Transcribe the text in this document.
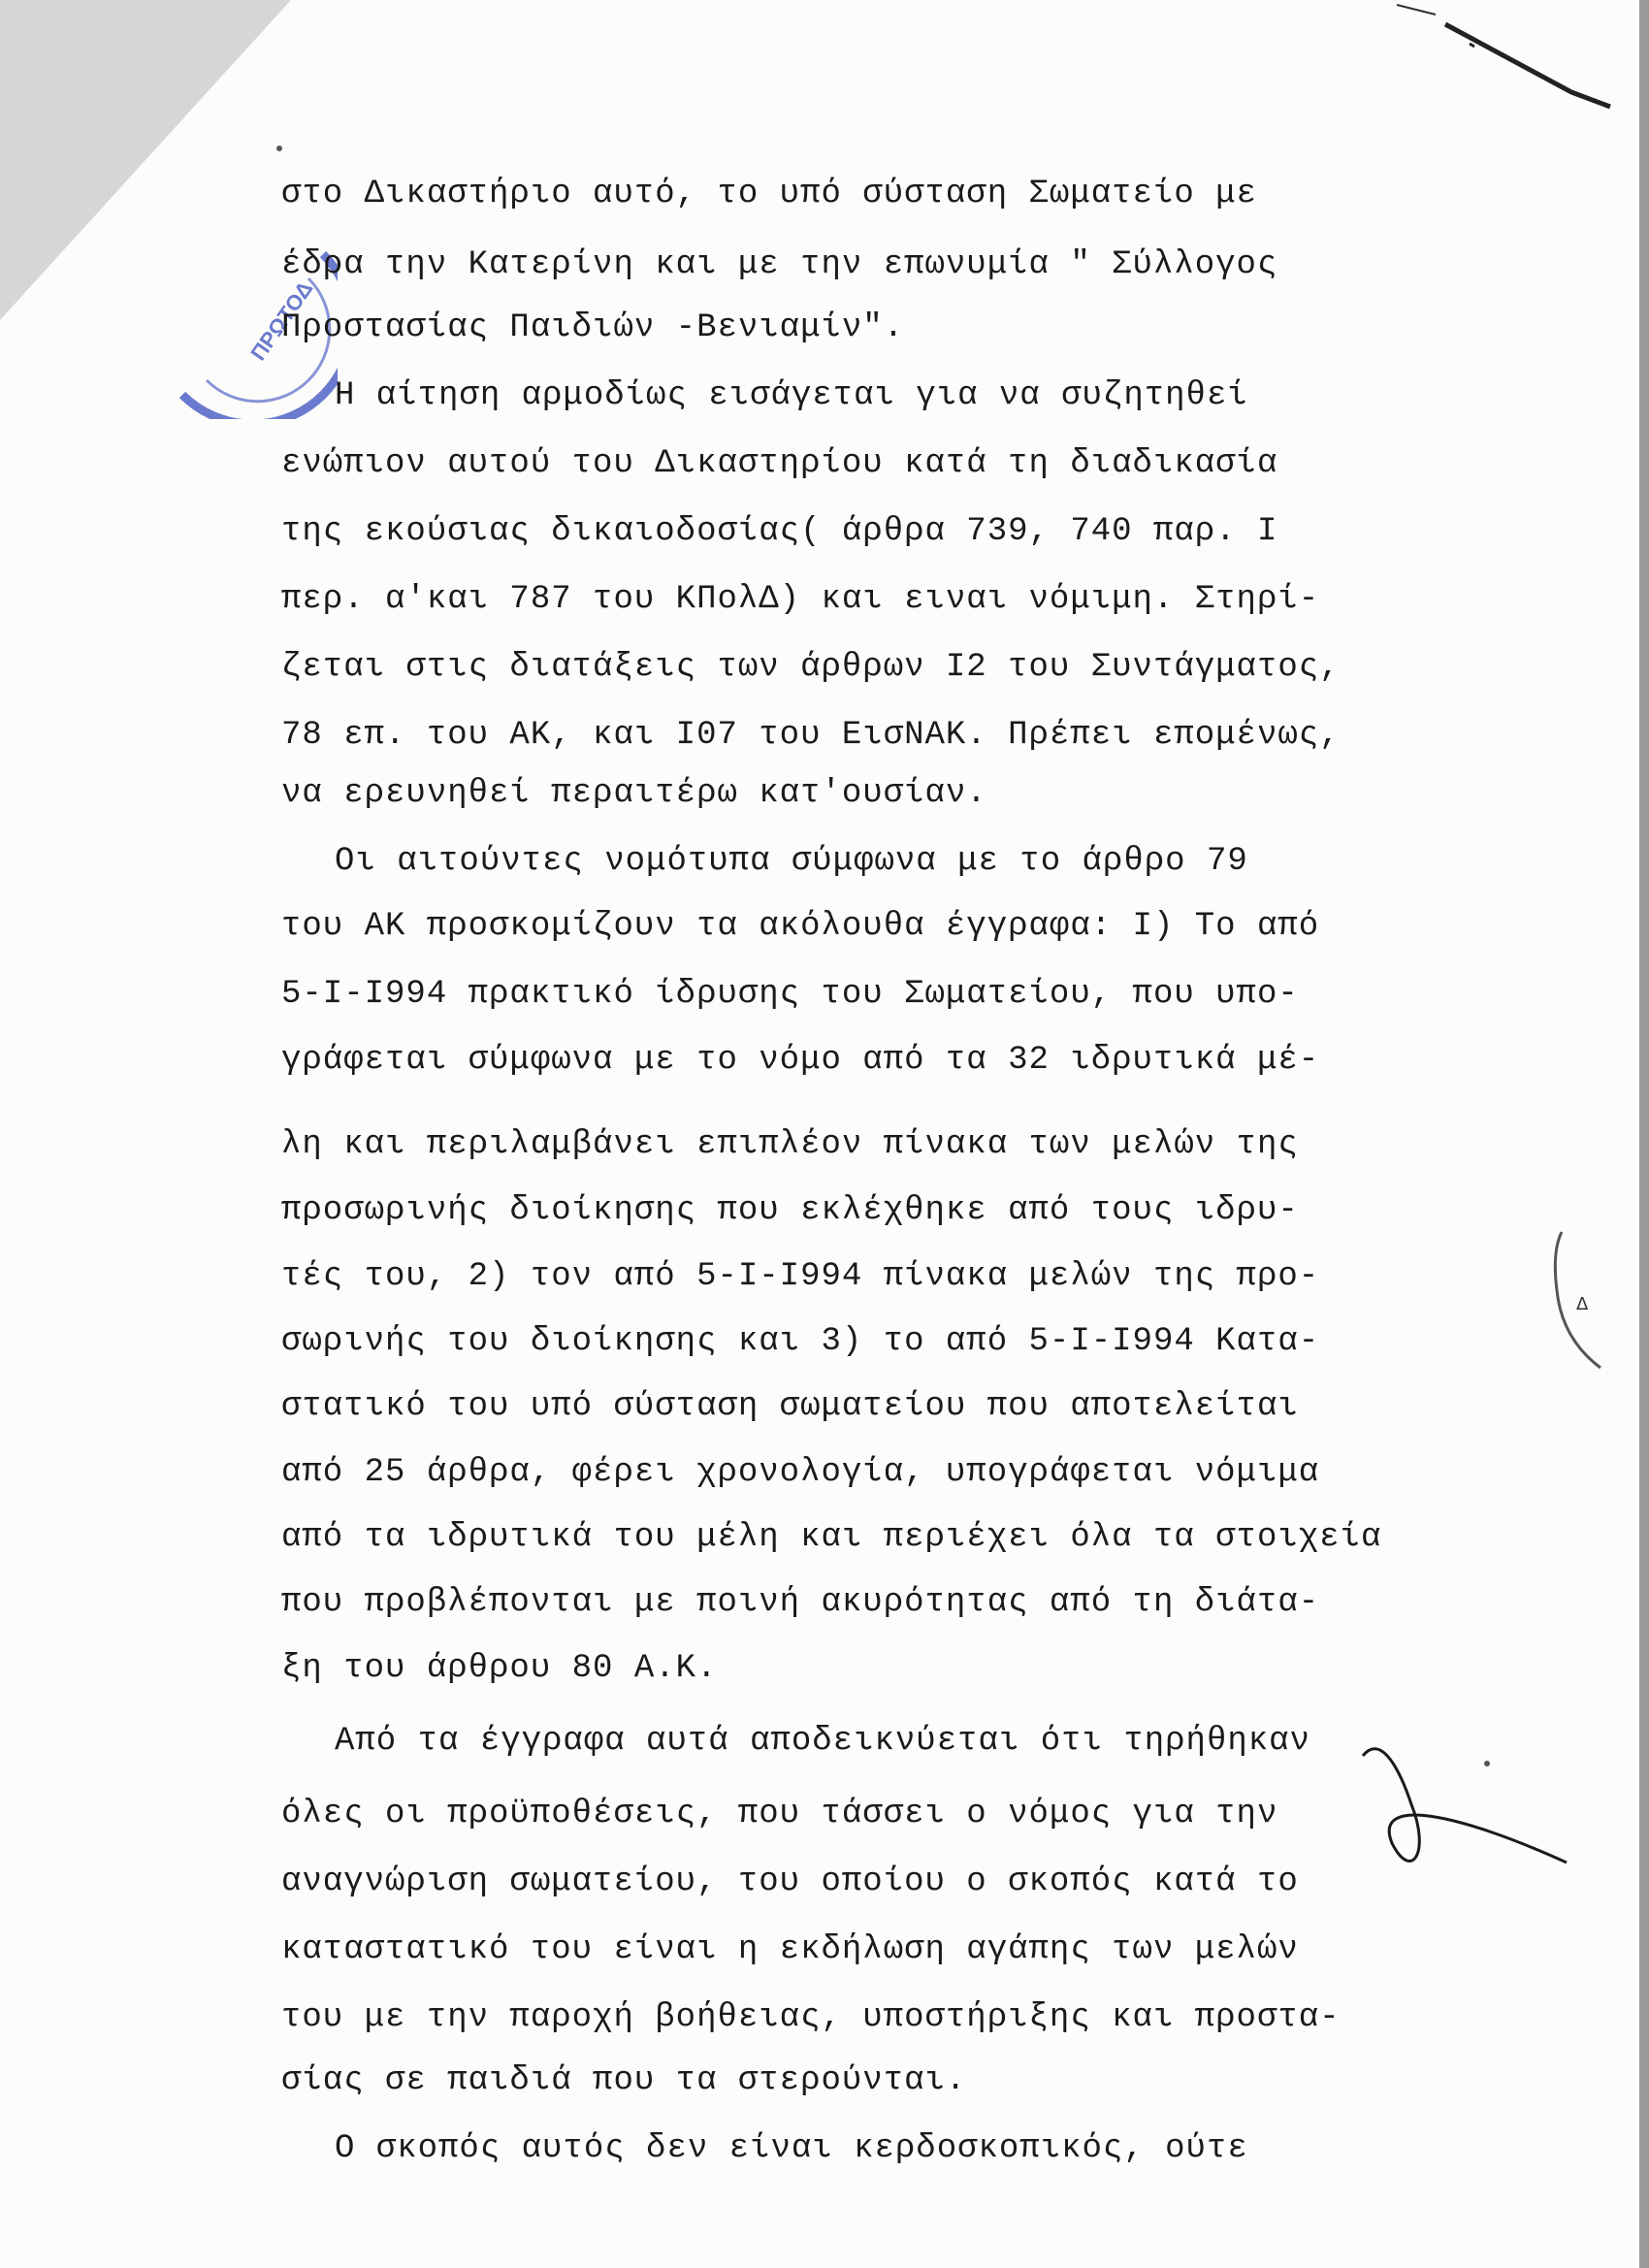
ΠΡΩΤΟΔ
Δ
στο Δικαστήριο αυτό, το υπό σύσταση Σωματείο με
έδρα την Κατερίνη και με την επωνυμία " Σύλλογος
Προστασίας Παιδιών -Βενιαμίν".
Η αίτηση αρμοδίως εισάγεται για να συζητηθεί
ενώπιον αυτού του Δικαστηρίου κατά τη διαδικασία
της εκούσιας δικαιοδοσίας( άρθρα 739, 740 παρ. Ι
περ. α'και 787 του ΚΠολΔ) και ειναι νόμιμη. Στηρί-
ζεται στις διατάξεις των άρθρων Ι2 του Συντάγματος,
78 επ. του ΑΚ, και Ι07 του ΕισΝΑΚ. Πρέπει επομένως,
να ερευνηθεί περαιτέρω κατ'ουσίαν.
Οι αιτούντες νομότυπα σύμφωνα με το άρθρο 79
του ΑΚ προσκομίζουν τα ακόλουθα έγγραφα: Ι) Το από
5-Ι-Ι994 πρακτικό ίδρυσης του Σωματείου, που υπο-
γράφεται σύμφωνα με το νόμο από τα 32 ιδρυτικά μέ-
λη και περιλαμβάνει επιπλέον πίνακα των μελών της
προσωρινής διοίκησης που εκλέχθηκε από τους ιδρυ-
τές του, 2) τον από 5-Ι-Ι994 πίνακα μελών της προ-
σωρινής του διοίκησης και 3) το από 5-Ι-Ι994 Κατα-
στατικό του υπό σύσταση σωματείου που αποτελείται
από 25 άρθρα, φέρει χρονολογία, υπογράφεται νόμιμα
από τα ιδρυτικά του μέλη και περιέχει όλα τα στοιχεία
που προβλέπονται με ποινή ακυρότητας από τη διάτα-
ξη του άρθρου 80 Α.Κ.
Από τα έγγραφα αυτά αποδεικνύεται ότι τηρήθηκαν
όλες οι προϋποθέσεις, που τάσσει ο νόμος για την
αναγνώριση σωματείου, του οποίου ο σκοπός κατά το
καταστατικό του είναι η εκδήλωση αγάπης των μελών
του με την παροχή βοήθειας, υποστήριξης και προστα-
σίας σε παιδιά που τα στερούνται.
Ο σκοπός αυτός δεν είναι κερδοσκοπικός, ούτε
